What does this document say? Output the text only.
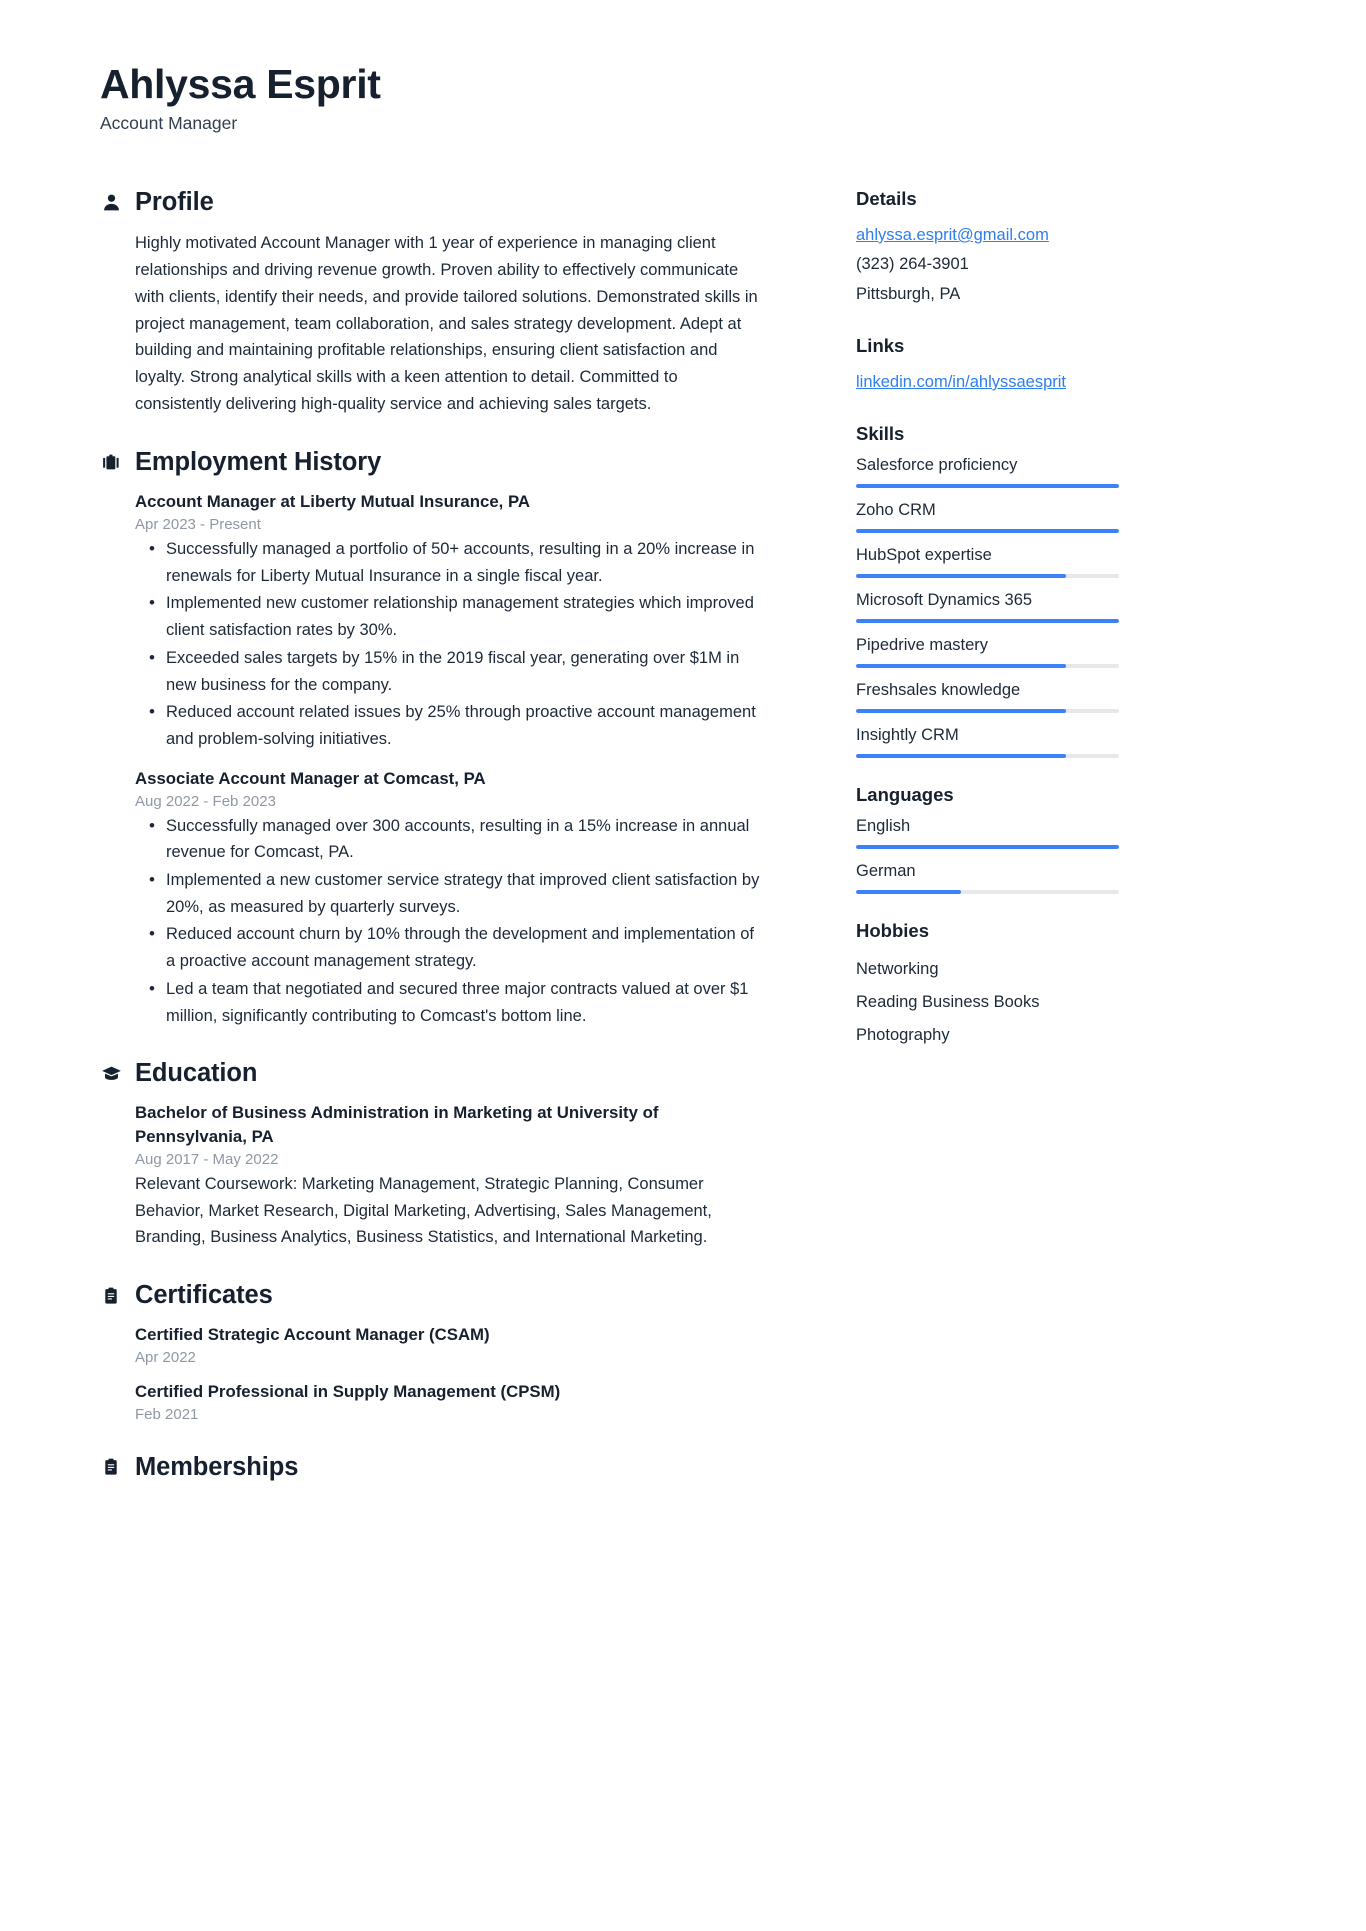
Ahlyssa Esprit
Account Manager
Profile

Highly motivated Account Manager with 1 year of experience in managing client relationships and driving revenue growth. Proven ability to effectively communicate with clients, identify their needs, and provide tailored solutions. Demonstrated skills in project management, team collaboration, and sales strategy development. Adept at building and maintaining profitable relationships, ensuring client satisfaction and loyalty. Strong analytical skills with a keen attention to detail. Committed to consistently delivering high-quality service and achieving sales targets.

Employment History
Account Manager at Liberty Mutual Insurance, PA
Apr 2023 - Present
• Successfully managed a portfolio of 50+ accounts, resulting in a 20% increase in renewals for Liberty Mutual Insurance in a single fiscal year.
• Implemented new customer relationship management strategies which improved client satisfaction rates by 30%.
• Exceeded sales targets by 15% in the 2019 fiscal year, generating over $1M in new business for the company.
• Reduced account related issues by 25% through proactive account management and problem-solving initiatives.
Associate Account Manager at Comcast, PA
Aug 2022 - Feb 2023
• Successfully managed over 300 accounts, resulting in a 15% increase in annual revenue for Comcast, PA.
• Implemented a new customer service strategy that improved client satisfaction by 20%, as measured by quarterly surveys.
• Reduced account churn by 10% through the development and implementation of a proactive account management strategy.
• Led a team that negotiated and secured three major contracts valued at over $1 million, significantly contributing to Comcast's bottom line.
Education
Bachelor of Business Administration in Marketing at University of Pennsylvania, PA
Aug 2017 - May 2022
Relevant Coursework: Marketing Management, Strategic Planning, Consumer Behavior, Market Research, Digital Marketing, Advertising, Sales Management, Branding, Business Analytics, Business Statistics, and International Marketing.
Certificates
Certified Strategic Account Manager (CSAM)
Apr 2022
Certified Professional in Supply Management (CPSM)
Feb 2021
Memberships
Details
ahlyssa.esprit@gmail.com
(323) 264-3901
Pittsburgh, PA
Links
linkedin.com/in/ahlyssaesprit
Skills
Salesforce proficiency
Zoho CRM
HubSpot expertise
Microsoft Dynamics 365
Pipedrive mastery
Freshsales knowledge
Insightly CRM
Languages
English
German
Hobbies
Networking
Reading Business Books
Photography
